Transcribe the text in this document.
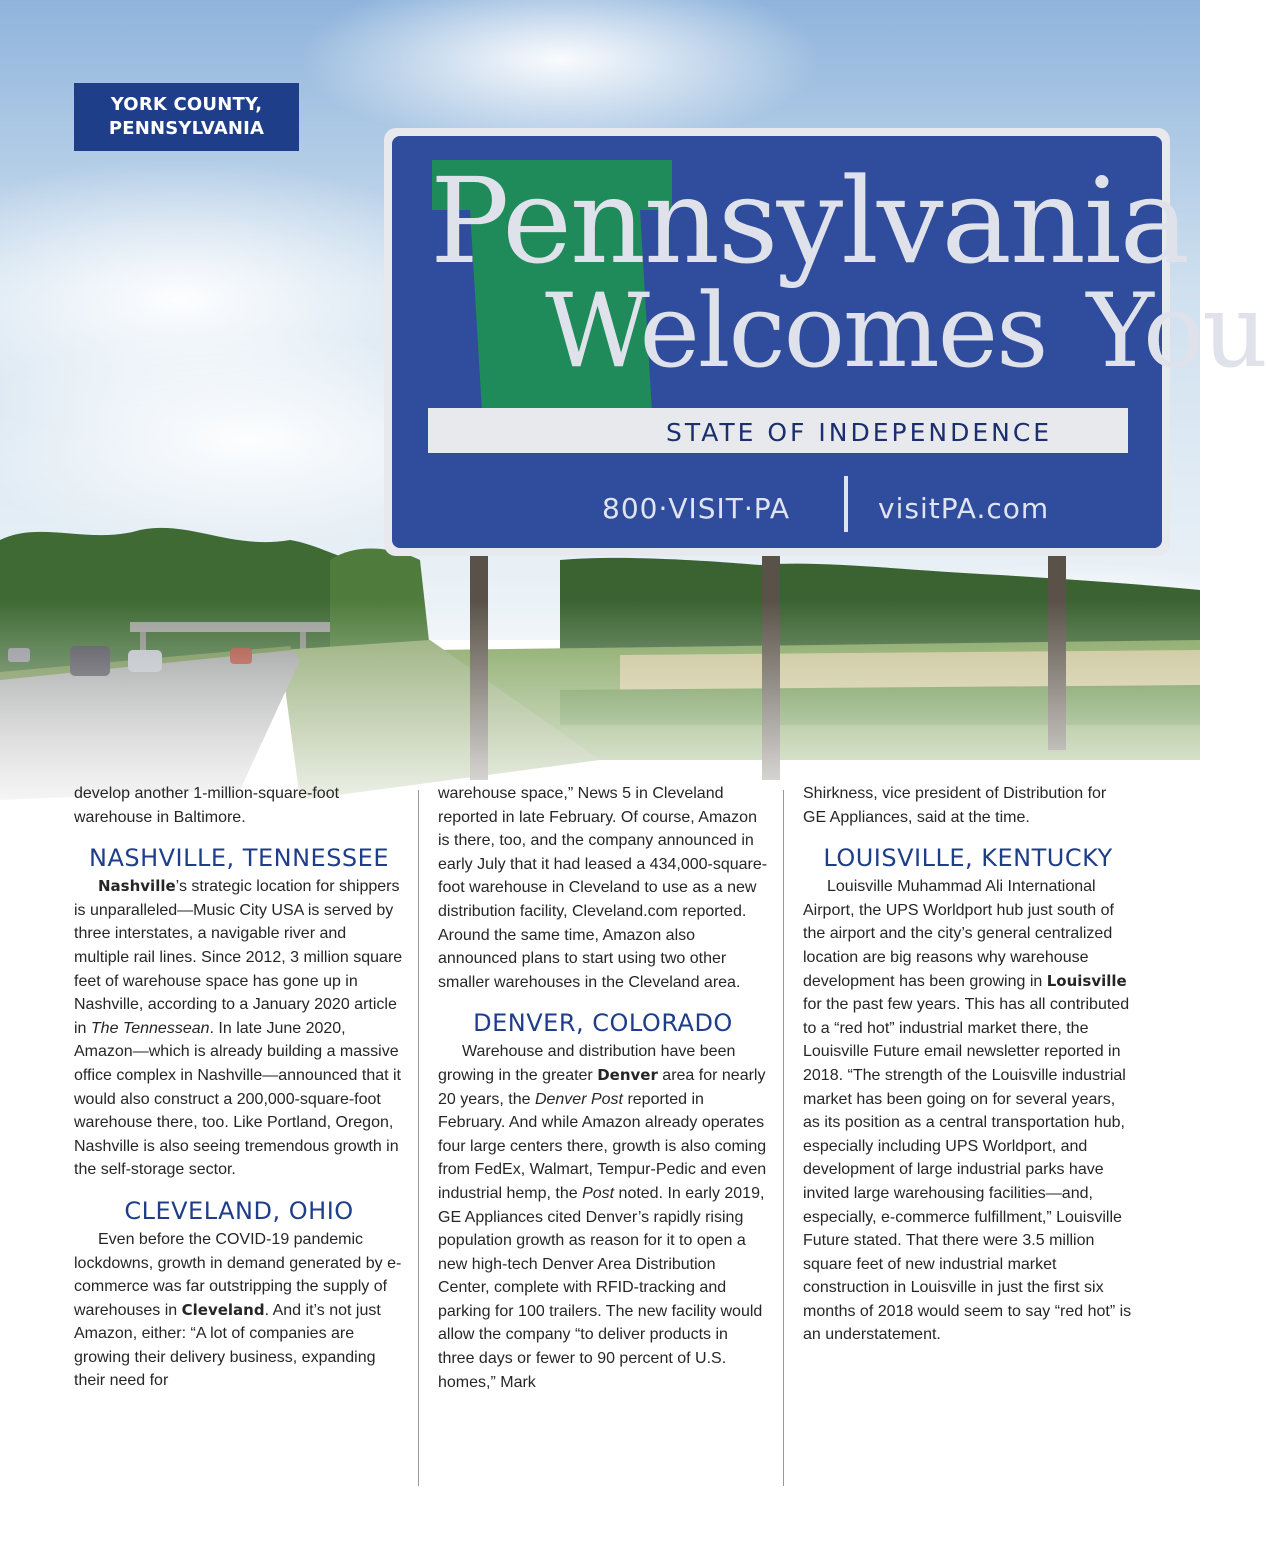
Pennsylvania
Welcomes You
STATE OF INDEPENDENCE
800·VISIT·PA	visitPA.com
YORK COUNTY,
PENNSYLVANIA

develop another 1-million-square-foot warehouse in Baltimore.

NASHVILLE, TENNESSEE

Nashville’s strategic location for shippers is unparalleled—Music City USA is served by three interstates, a navigable river and multiple rail lines. Since 2012, 3 million square feet of warehouse space has gone up in Nashville, according to a January 2020 article in The Tennessean. In late June 2020, Amazon—which is already building a massive office complex in Nashville—announced that it would also construct a 200,000-square-foot warehouse there, too. Like Portland, Oregon, Nashville is also seeing tremendous growth in the self-storage sector.

CLEVELAND, OHIO

Even before the COVID-19 pandemic lockdowns, growth in demand generated by e-commerce was far outstripping the supply of warehouses in Cleveland. And it’s not just Amazon, either: “A lot of companies are growing their delivery business, expanding their need for

warehouse space,” News 5 in Cleveland reported in late February. Of course, Amazon is there, too, and the company announced in early July that it had leased a 434,000-square-foot warehouse in Cleveland to use as a new distribution facility, Cleveland.com reported. Around the same time, Amazon also announced plans to start using two other smaller warehouses in the Cleveland area.

DENVER, COLORADO

Warehouse and distribution have been growing in the greater Denver area for nearly 20 years, the Denver Post reported in February. And while Amazon already operates four large centers there, growth is also coming from FedEx, Walmart, Tempur-Pedic and even industrial hemp, the Post noted. In early 2019, GE Appliances cited Denver’s rapidly rising population growth as reason for it to open a new high-tech Denver Area Distribution Center, complete with RFID-tracking and parking for 100 trailers. The new facility would allow the company “to deliver products in three days or fewer to 90 percent of U.S. homes,” Mark

Shirkness, vice president of Distribution for GE Appliances, said at the time.

LOUISVILLE, KENTUCKY

Louisville Muhammad Ali International Airport, the UPS Worldport hub just south of the airport and the city’s general centralized location are big reasons why warehouse development has been growing in Louisville for the past few years. This has all contributed to a “red hot” industrial market there, the Louisville Future email newsletter reported in 2018. “The strength of the Louisville industrial market has been going on for several years, as its position as a central transportation hub, especially including UPS Worldport, and development of large industrial parks have invited large warehousing facilities—and, especially, e-commerce fulfillment,” Louisville Future stated. That there were 3.5 million square feet of new industrial market construction in Louisville in just the first six months of 2018 would seem to say “red hot” is an understatement.
